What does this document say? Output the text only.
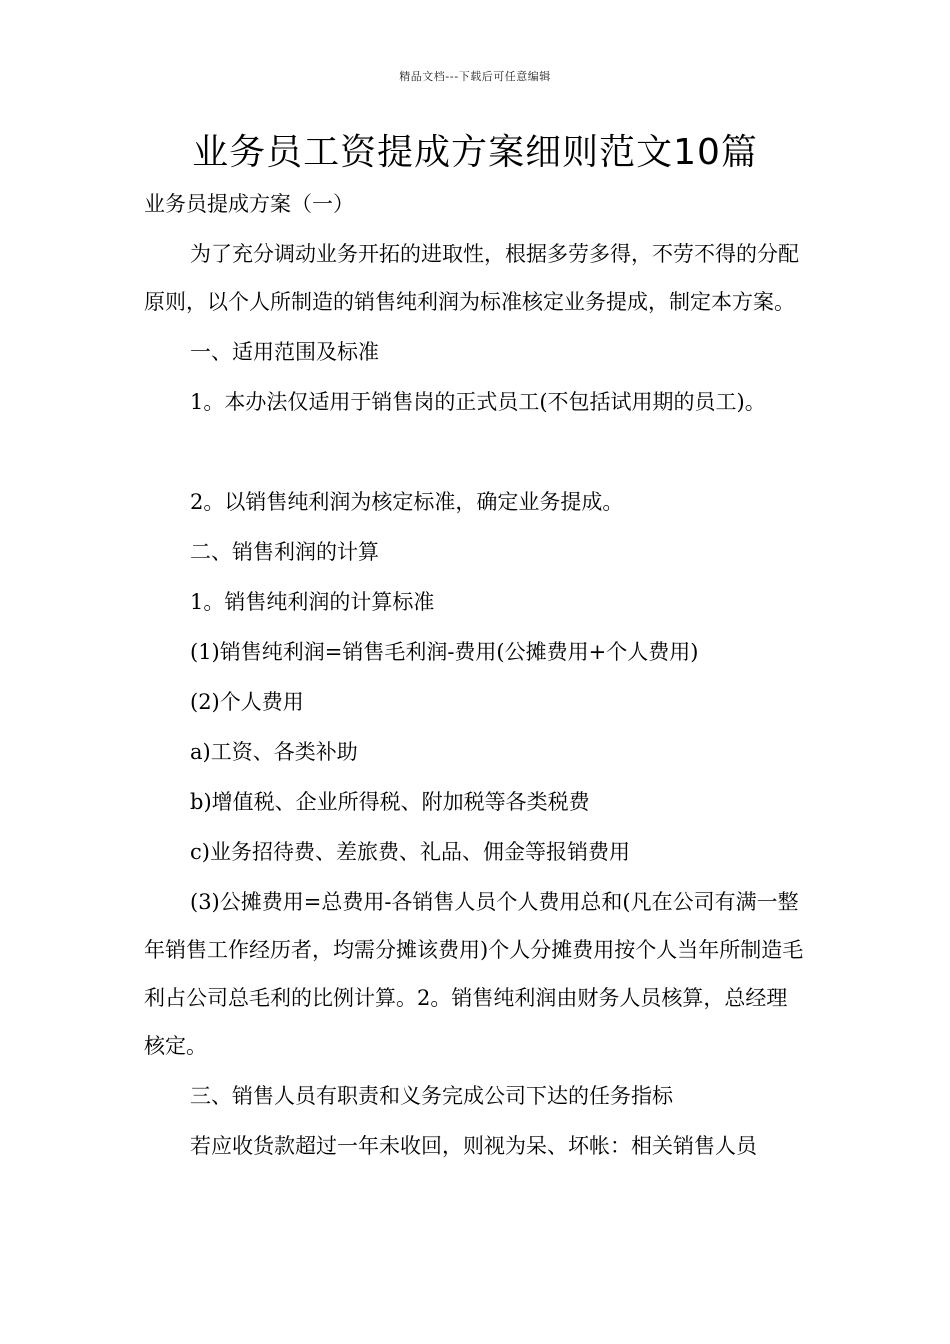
精品文档---下载后可任意编辑
业务员工资提成方案细则范文10篇

业务员提成方案（一）

为了充分调动业务开拓的进取性，根据多劳多得，不劳不得的分配原则，以个人所制造的销售纯利润为标准核定业务提成，制定本方案。

一、适用范围及标准

1。本办法仅适用于销售岗的正式员工(不包括试用期的员工)。

2。以销售纯利润为核定标准，确定业务提成。

二、销售利润的计算

1。销售纯利润的计算标准

(1)销售纯利润=销售毛利润-费用(公摊费用+个人费用)

(2)个人费用

a)工资、各类补助

b)增值税、企业所得税、附加税等各类税费

c)业务招待费、差旅费、礼品、佣金等报销费用

(3)公摊费用=总费用-各销售人员个人费用总和(凡在公司有满一整年销售工作经历者，均需分摊该费用)个人分摊费用按个人当年所制造毛利占公司总毛利的比例计算。2。销售纯利润由财务人员核算，总经理核定。

三、销售人员有职责和义务完成公司下达的任务指标

若应收货款超过一年未收回，则视为呆、坏帐：相关销售人员
